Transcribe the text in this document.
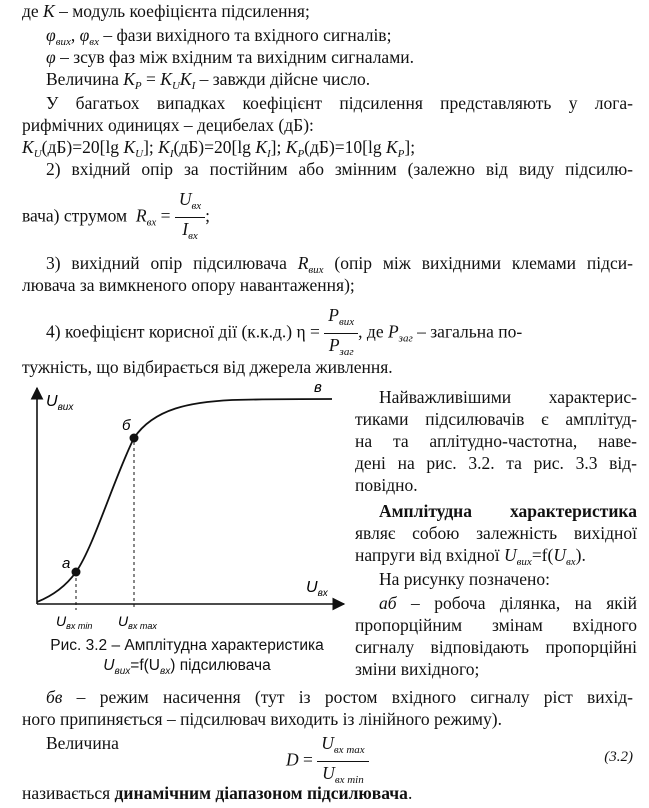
де K – модуль коефіцієнта підсилення;
$\varphi_{вих}$, $\varphi_{вх}$ – фази вихідного та вхідного сигналів;
φ – зсув фаз між вхідним та вихідним сигналами.
Величина $K_P = K_UK_I$ – завжди дійсне число.
У багатьох випадках коефіцієнт підсилення представляють у лога-
рифмічних одиницях – децибелах (дБ):
$K_U(дБ)=20[\lg$ $K_U$]; $K_I(дБ)=20[\lg$ $K_I$]; $K_P(дБ)=10[\lg$ $K_P$];
2) вхідний опір за постійним або змінним (залежно від виду підсилю-
вача) струмом $R_{вх} = \frac{U_{вх}}{I_{вх}}$ ;
3) вихідний опір підсилювача $R_{вих}$ (опір між вихідними клемами підси-
лювача за вимкненого опору навантаження);
4) коефіцієнт корисної дії (к.к.д.) $\eta = \frac{P_{вих}}{P_{заг}}$ , де $P_{заг}$ – загальна по-
тужність, що відбирається від джерела живлення.
$U_{вих}$
$U_{вх}$
a
б
в
$U_{вх min}$ $U_{вх max}$
Рис. 3.2 – Амплітудна характеристика
$U_{вих}=f(U_{вх})$ підсилювача
Найважливішими характерис-
тиками підсилювачів є амплітуд-
на та аплітудно-частотна, наве-
дені на рис. 3.2. та рис. 3.3 від-
повідно.
Амплітудна характеристика
являє собою залежність вихідної
напруги від вхідної $U_{вих}=f(U_{вх})$.
На рисунку позначено:
аб – робоча ділянка, на якій
пропорційним змінам вхідного
сигналу відповідають пропорційні
зміни вихідного;
бв – режим насичення (тут із ростом вхідного сигналу ріст вихід-
ного припиняється – підсилювач виходить із лінійного режиму).
Величина
$D = \frac{U_{вх max}}{U_{вх min}}$	(3.2)
називається динамічним діапазоном підсилювача.
